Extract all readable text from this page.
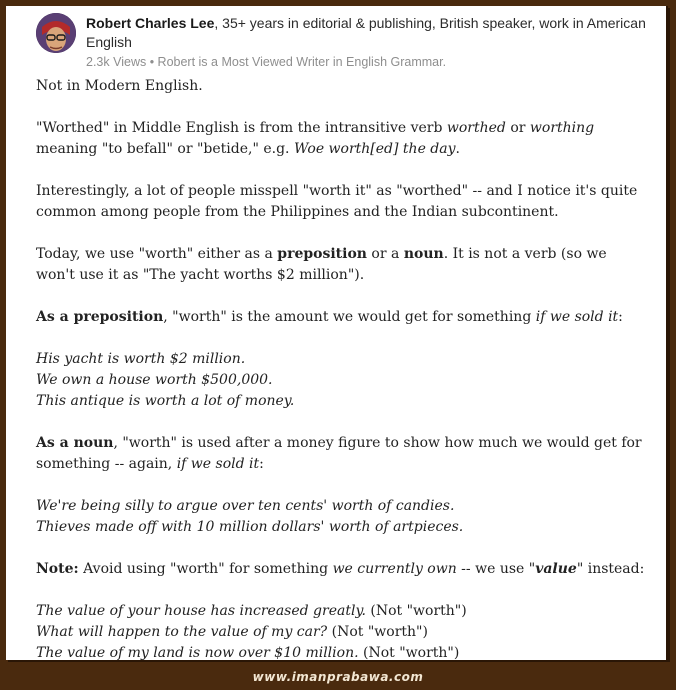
Robert Charles Lee, 35+ years in editorial & publishing, British speaker, work in American English
2.3k Views • Robert is a Most Viewed Writer in English Grammar.

Not in Modern English.

"Worthed" in Middle English is from the intransitive verb worthed or worthing meaning "to befall" or "betide," e.g. Woe worth[ed] the day.

Interestingly, a lot of people misspell "worth it" as "worthed" -- and I notice it's quite common among people from the Philippines and the Indian subcontinent.

Today, we use "worth" either as a preposition or a noun. It is not a verb (so we won't use it as "The yacht worths $2 million").

As a preposition, "worth" is the amount we would get for something if we sold it:

His yacht is worth $2 million.
We own a house worth $500,000.
This antique is worth a lot of money.

As a noun, "worth" is used after a money figure to show how much we would get for something -- again, if we sold it:

We're being silly to argue over ten cents' worth of candies.
Thieves made off with 10 million dollars' worth of artpieces.

Note: Avoid using "worth" for something we currently own -- we use "value" instead:

The value of your house has increased greatly. (Not "worth")
What will happen to the value of my car? (Not "worth")
The value of my land is now over $10 million. (Not "worth")

www.imanprabawa.com
